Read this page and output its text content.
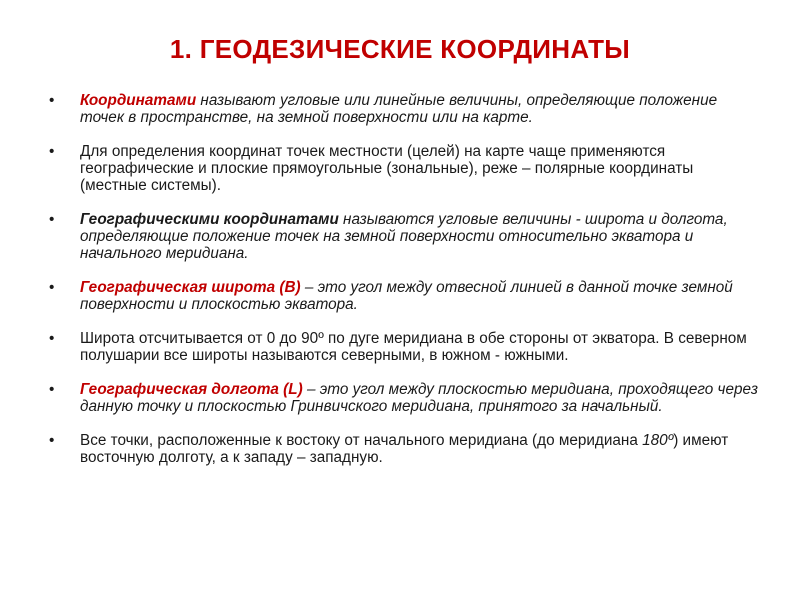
1. ГЕОДЕЗИЧЕСКИЕ КООРДИНАТЫ
• Координатами называют угловые или линейные величины, определяющие положение точек в пространстве, на земной поверхности или на карте.
• Для определения координат точек местности (целей) на карте чаще применяются географические и плоские прямоугольные (зональные), реже – полярные координаты (местные системы).
• Географическими координатами называются угловые величины - широта и долгота, определяющие положение точек на земной поверхности относительно экватора и начального меридиана.
• Географическая широта (В) – это угол между отвесной линией в данной точке земной поверхности и плоскостью экватора.
• Широта отсчитывается от 0 до 90º по дуге меридиана в обе стороны от экватора. В северном полушарии все широты называются северными, в южном - южными.
• Географическая долгота (L) – это угол между плоскостью меридиана, проходящего через данную точку и плоскостью Гринвичского меридиана, принятого за начальный.
• Все точки, расположенные к востоку от начального меридиана (до меридиана 180º) имеют восточную долготу, а к западу – западную.
